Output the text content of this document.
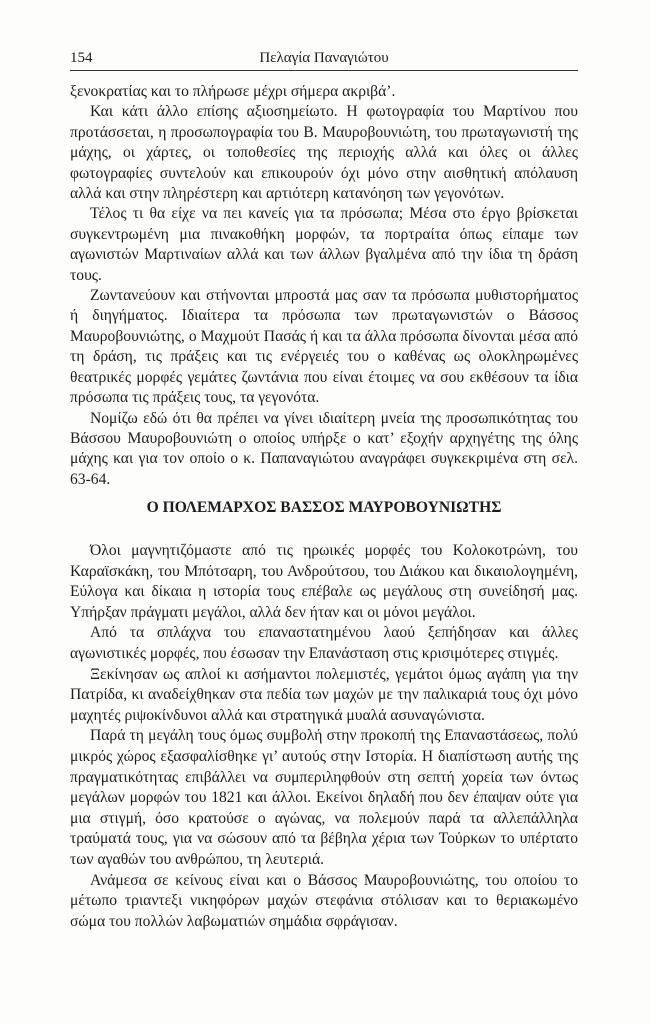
Πελαγία Παναγιώτου
154

ξενοκρατίας και το πλήρωσε μέχρι σήμερα ακριβά’.

Και κάτι άλλο επίσης αξιοσημείωτο. Η φωτογραφία του Μαρτίνου που προτάσσεται, η προσωπογραφία του Β. Μαυροβουνιώτη, του πρωταγωνιστή της μάχης, οι χάρτες, οι τοποθεσίες της περιοχής αλλά και όλες οι άλλες φωτογραφίες συντελούν και επικουρούν όχι μόνο στην αισθητική απόλαυση αλλά και στην πληρέστερη και αρτιότερη κατανόηση των γεγονότων.

Τέλος τι θα είχε να πει κανείς για τα πρόσωπα; Μέσα στο έργο βρίσκεται συγκεντρωμένη μια πινακοθήκη μορφών, τα πορτραίτα όπως είπαμε των αγωνιστών Μαρτιναίων αλλά και των άλλων βγαλμένα από την ίδια τη δράση τους.

Ζωντανεύουν και στήνονται μπροστά μας σαν τα πρόσωπα μυθιστορήματος ή διηγήματος. Ιδιαίτερα τα πρόσωπα των πρωταγωνιστών ο Βάσσος Μαυροβουνιώτης, ο Μαχμούτ Πασάς ή και τα άλλα πρόσωπα δίνονται μέσα από τη δράση, τις πράξεις και τις ενέργειές του ο καθένας ως ολοκληρωμένες θεατρικές μορφές γεμάτες ζωντάνια που είναι έτοιμες να σου εκθέσουν τα ίδια πρόσωπα τις πράξεις τους, τα γεγονότα.

Νομίζω εδώ ότι θα πρέπει να γίνει ιδιαίτερη μνεία της προσωπικότητας του Βάσσου Μαυροβουνιώτη ο οποίος υπήρξε ο κατ’ εξοχήν αρχηγέτης της όλης μάχης και για τον οποίο ο κ. Παπαναγιώτου αναγράφει συγκεκριμένα στη σελ. 63-64.

Ο ΠΟΛΕΜΑΡΧΟΣ ΒΑΣΣΟΣ ΜΑΥΡΟΒΟΥΝΙΩΤΗΣ

Όλοι μαγνητιζόμαστε από τις ηρωικές μορφές του Κολοκοτρώνη, του Καραϊσκάκη, του Μπότσαρη, του Ανδρούτσου, του Διάκου και δικαιολογημένη, Εύλογα και δίκαια η ιστορία τους επέβαλε ως μεγάλους στη συνείδησή μας. Υπήρξαν πράγματι μεγάλοι, αλλά δεν ήταν και οι μόνοι μεγάλοι.

Από τα σπλάχνα του επαναστατημένου λαού ξεπήδησαν και άλλες αγωνιστικές μορφές, που έσωσαν την Επανάσταση στις κρισιμότερες στιγμές.

Ξεκίνησαν ως απλοί κι ασήμαντοι πολεμιστές, γεμάτοι όμως αγάπη για την Πατρίδα, κι αναδείχθηκαν στα πεδία των μαχών με την παλικαριά τους όχι μόνο μαχητές ριψοκίνδυνοι αλλά και στρατηγικά μυαλά ασυναγώνιστα.

Παρά τη μεγάλη τους όμως συμβολή στην προκοπή της Επαναστάσεως, πολύ μικρός χώρος εξασφαλίσθηκε γι’ αυτούς στην Ιστορία. Η διαπίστωση αυτής της πραγματικότητας επιβάλλει να συμπεριληφθούν στη σεπτή χορεία των όντως μεγάλων μορφών του 1821 και άλλοι. Εκείνοι δηλαδή που δεν έπαψαν ούτε για μια στιγμή, όσο κρατούσε ο αγώνας, να πολεμούν παρά τα αλλεπάλληλα τραύματά τους, για να σώσουν από τα βέβηλα χέρια των Τούρκων το υπέρτατο των αγαθών του ανθρώπου, τη λευτεριά.

Ανάμεσα σε κείνους είναι και ο Βάσσος Μαυροβουνιώτης, του οποίου το μέτωπο τριαντεξι νικηφόρων μαχών στεφάνια στόλισαν και το θεριακωμένο σώμα του πολλών λαβωματιών σημάδια σφράγισαν.
